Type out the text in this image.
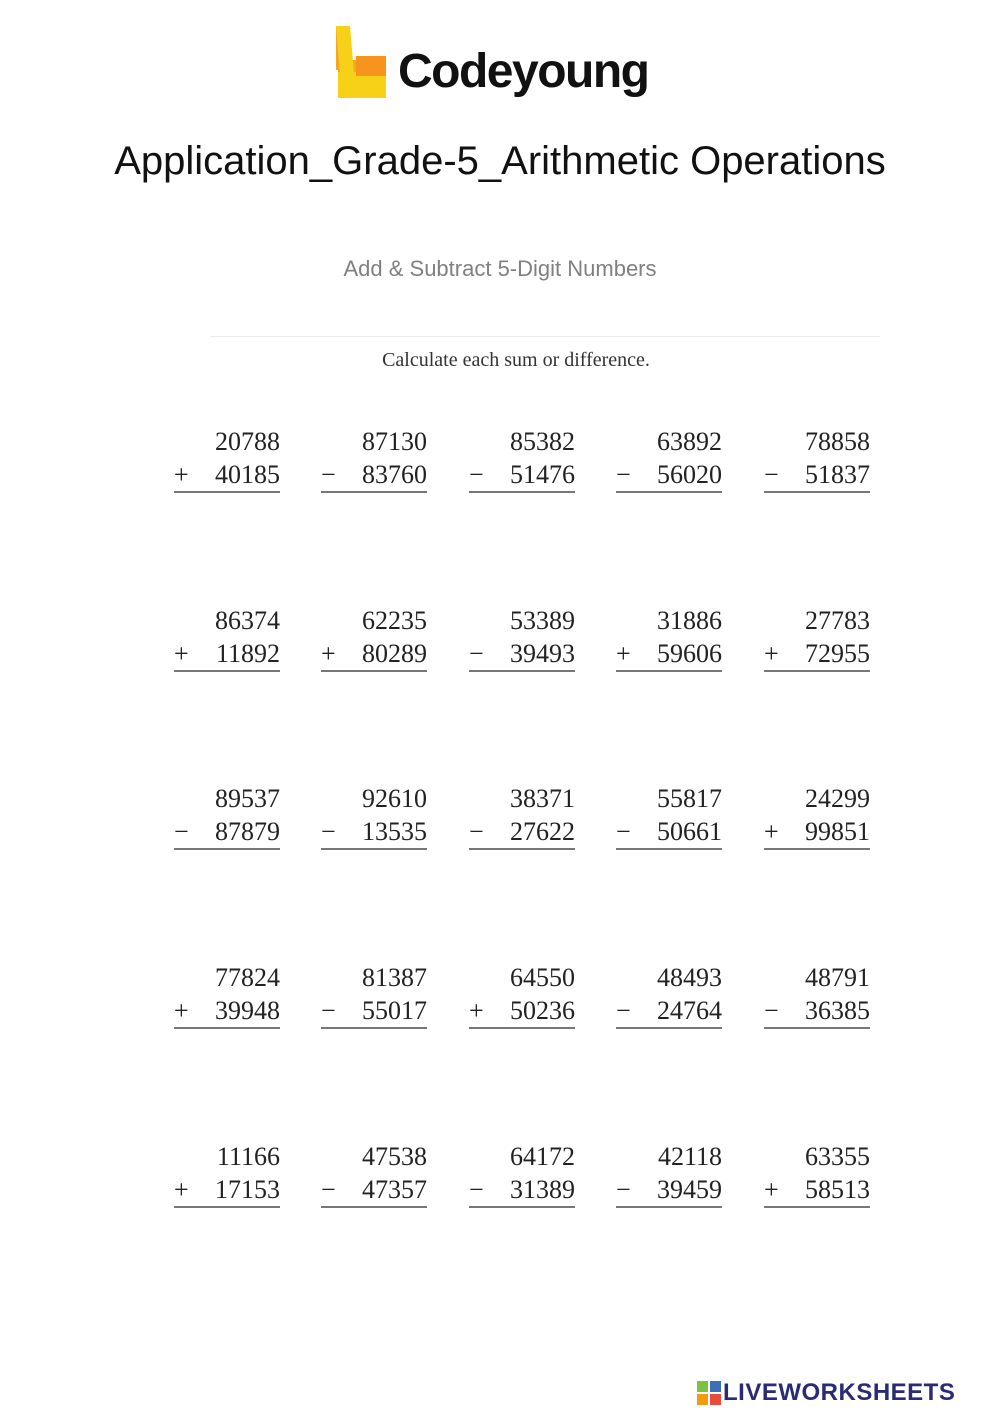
Codeyoung
Application_Grade-5_Arithmetic Operations
Add & Subtract 5-Digit Numbers
Calculate each sum or difference.
20788
+ 40185
87130
− 83760
85382
− 51476
63892
− 56020
78858
− 51837
86374
+ 11892
62235
+ 80289
53389
− 39493
31886
+ 59606
27783
+ 72955
89537
− 87879
92610
− 13535
38371
− 27622
55817
− 50661
24299
+ 99851
77824
+ 39948
81387
− 55017
64550
+ 50236
48493
− 24764
48791
− 36385
11166
+ 17153
47538
− 47357
64172
− 31389
42118
− 39459
63355
+ 58513
LIVEWORKSHEETS
